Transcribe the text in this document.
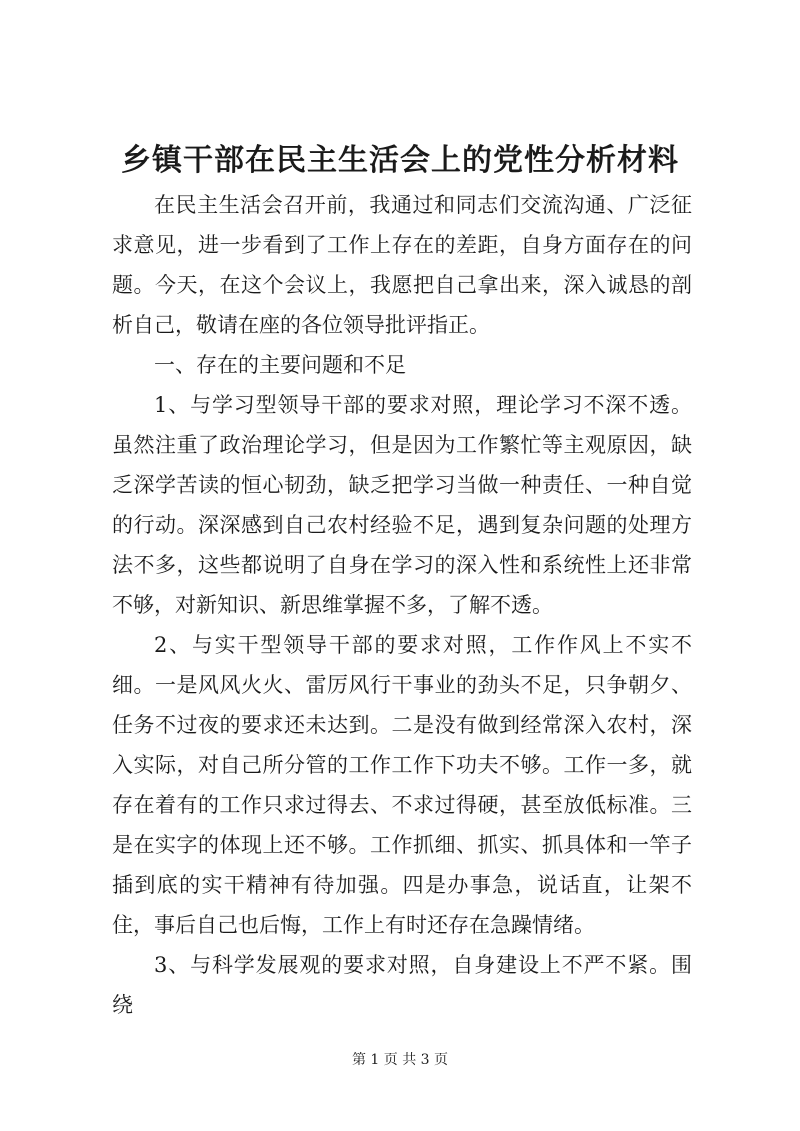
乡镇干部在民主生活会上的党性分析材料

在民主生活会召开前，我通过和同志们交流沟通、广泛征求意见，进一步看到了工作上存在的差距，自身方面存在的问题。今天，在这个会议上，我愿把自己拿出来，深入诚恳的剖析自己，敬请在座的各位领导批评指正。

一、存在的主要问题和不足

1、与学习型领导干部的要求对照，理论学习不深不透。虽然注重了政治理论学习，但是因为工作繁忙等主观原因，缺乏深学苦读的恒心韧劲，缺乏把学习当做一种责任、一种自觉的行动。深深感到自己农村经验不足，遇到复杂问题的处理方法不多，这些都说明了自身在学习的深入性和系统性上还非常不够，对新知识、新思维掌握不多，了解不透。

2、与实干型领导干部的要求对照，工作作风上不实不细。一是风风火火、雷厉风行干事业的劲头不足，只争朝夕、任务不过夜的要求还未达到。二是没有做到经常深入农村，深入实际，对自己所分管的工作工作下功夫不够。工作一多，就存在着有的工作只求过得去、不求过得硬，甚至放低标准。三是在实字的体现上还不够。工作抓细、抓实、抓具体和一竿子插到底的实干精神有待加强。四是办事急，说话直，让架不住，事后自己也后悔，工作上有时还存在急躁情绪。

3、与科学发展观的要求对照，自身建设上不严不紧。围绕

第 1 页 共 3 页
